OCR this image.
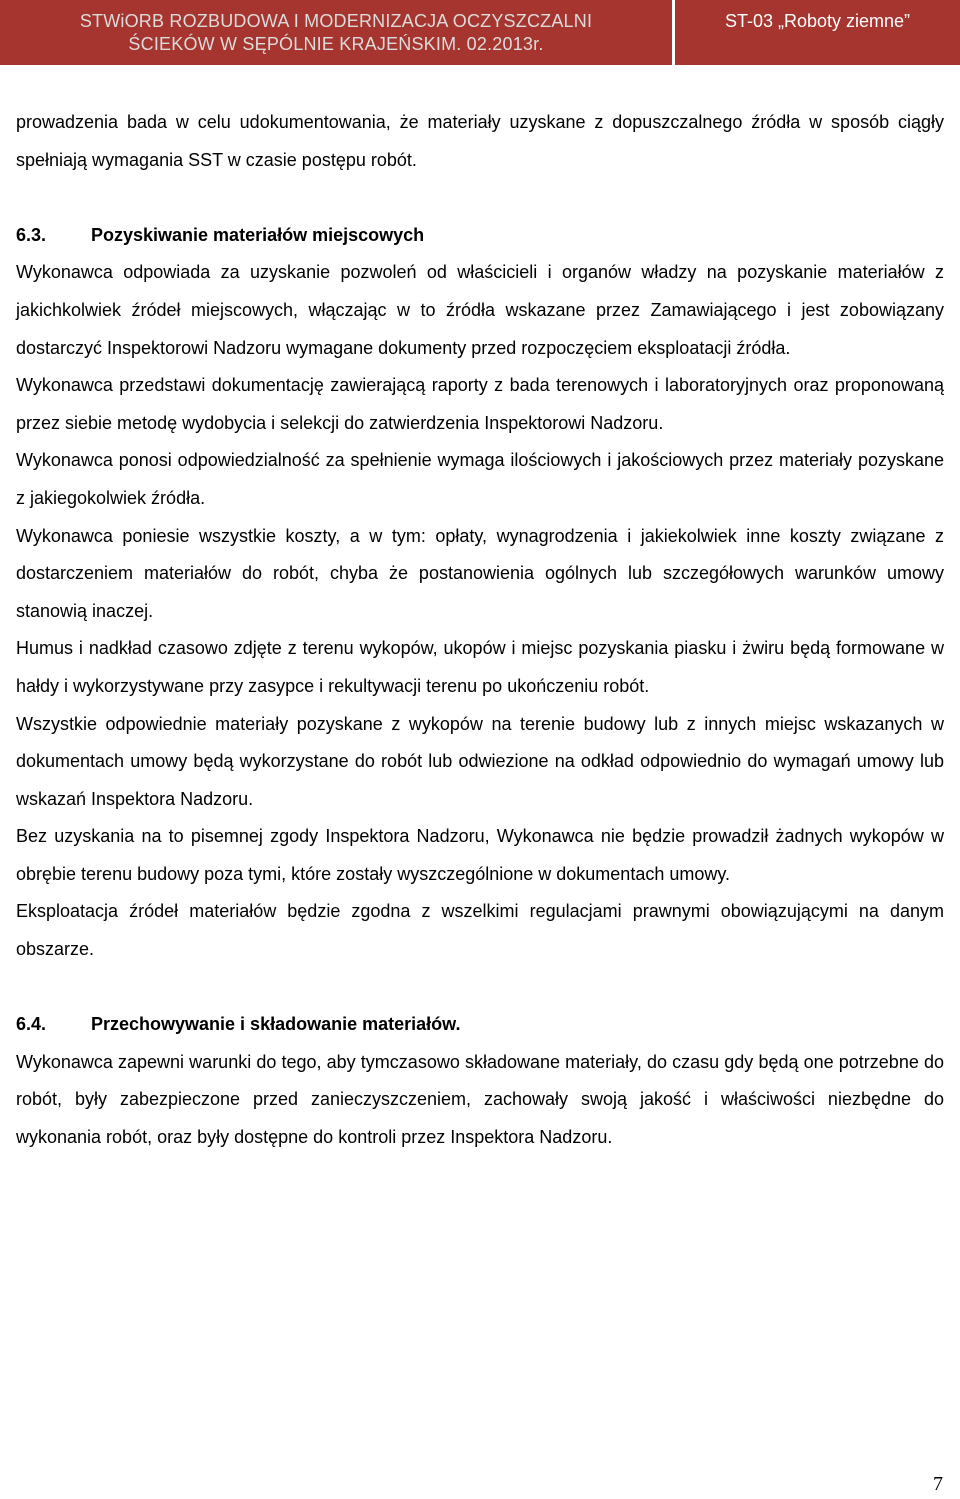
STWiORB ROZBUDOWA I MODERNIZACJA OCZYSZCZALNI
ŚCIEKÓW W SĘPÓLNIE KRAJEŃSKIM. 02.2013r.
ST-03 „Roboty ziemne”

prowadzenia bada w celu udokumentowania, że materiały uzyskane z dopuszczalnego źródła w sposób ciągły spełniają wymagania SST w czasie postępu robót.

6.3.	Pozyskiwanie materiałów miejscowych

Wykonawca odpowiada za uzyskanie pozwoleń od właścicieli i organów władzy na pozyskanie materiałów z jakichkolwiek źródeł miejscowych, włączając w to źródła wskazane przez Zamawiającego i jest zobowiązany dostarczyć Inspektorowi Nadzoru wymagane dokumenty przed rozpoczęciem eksploatacji źródła.

Wykonawca przedstawi dokumentację zawierającą raporty z bada terenowych i laboratoryjnych oraz proponowaną przez siebie metodę wydobycia i selekcji do zatwierdzenia Inspektorowi Nadzoru.

Wykonawca ponosi odpowiedzialność za spełnienie wymaga ilościowych i jakościowych przez materiały pozyskane z jakiegokolwiek źródła.

Wykonawca poniesie wszystkie koszty, a w tym: opłaty, wynagrodzenia i jakiekolwiek inne koszty związane z dostarczeniem materiałów do robót, chyba że postanowienia ogólnych lub szczegółowych warunków umowy stanowią inaczej.

Humus i nadkład czasowo zdjęte z terenu wykopów, ukopów i miejsc pozyskania piasku i żwiru będą formowane w hałdy i wykorzystywane przy zasypce i rekultywacji terenu po ukończeniu robót.

Wszystkie odpowiednie materiały pozyskane z wykopów na terenie budowy lub z innych miejsc wskazanych w dokumentach umowy będą wykorzystane do robót lub odwiezione na odkład odpowiednio do wymagań umowy lub wskazań Inspektora Nadzoru.

Bez uzyskania na to pisemnej zgody Inspektora Nadzoru, Wykonawca nie będzie prowadził żadnych wykopów w obrębie terenu budowy poza tymi, które zostały wyszczególnione w dokumentach umowy.

Eksploatacja źródeł materiałów będzie zgodna z wszelkimi regulacjami prawnymi obowiązującymi na danym obszarze.

6.4.	Przechowywanie i składowanie materiałów.

Wykonawca zapewni warunki do tego, aby tymczasowo składowane materiały, do czasu gdy będą one potrzebne do robót, były zabezpieczone przed zanieczyszczeniem, zachowały swoją jakość i właściwości niezbędne do wykonania robót, oraz były dostępne do kontroli przez Inspektora Nadzoru.

7
